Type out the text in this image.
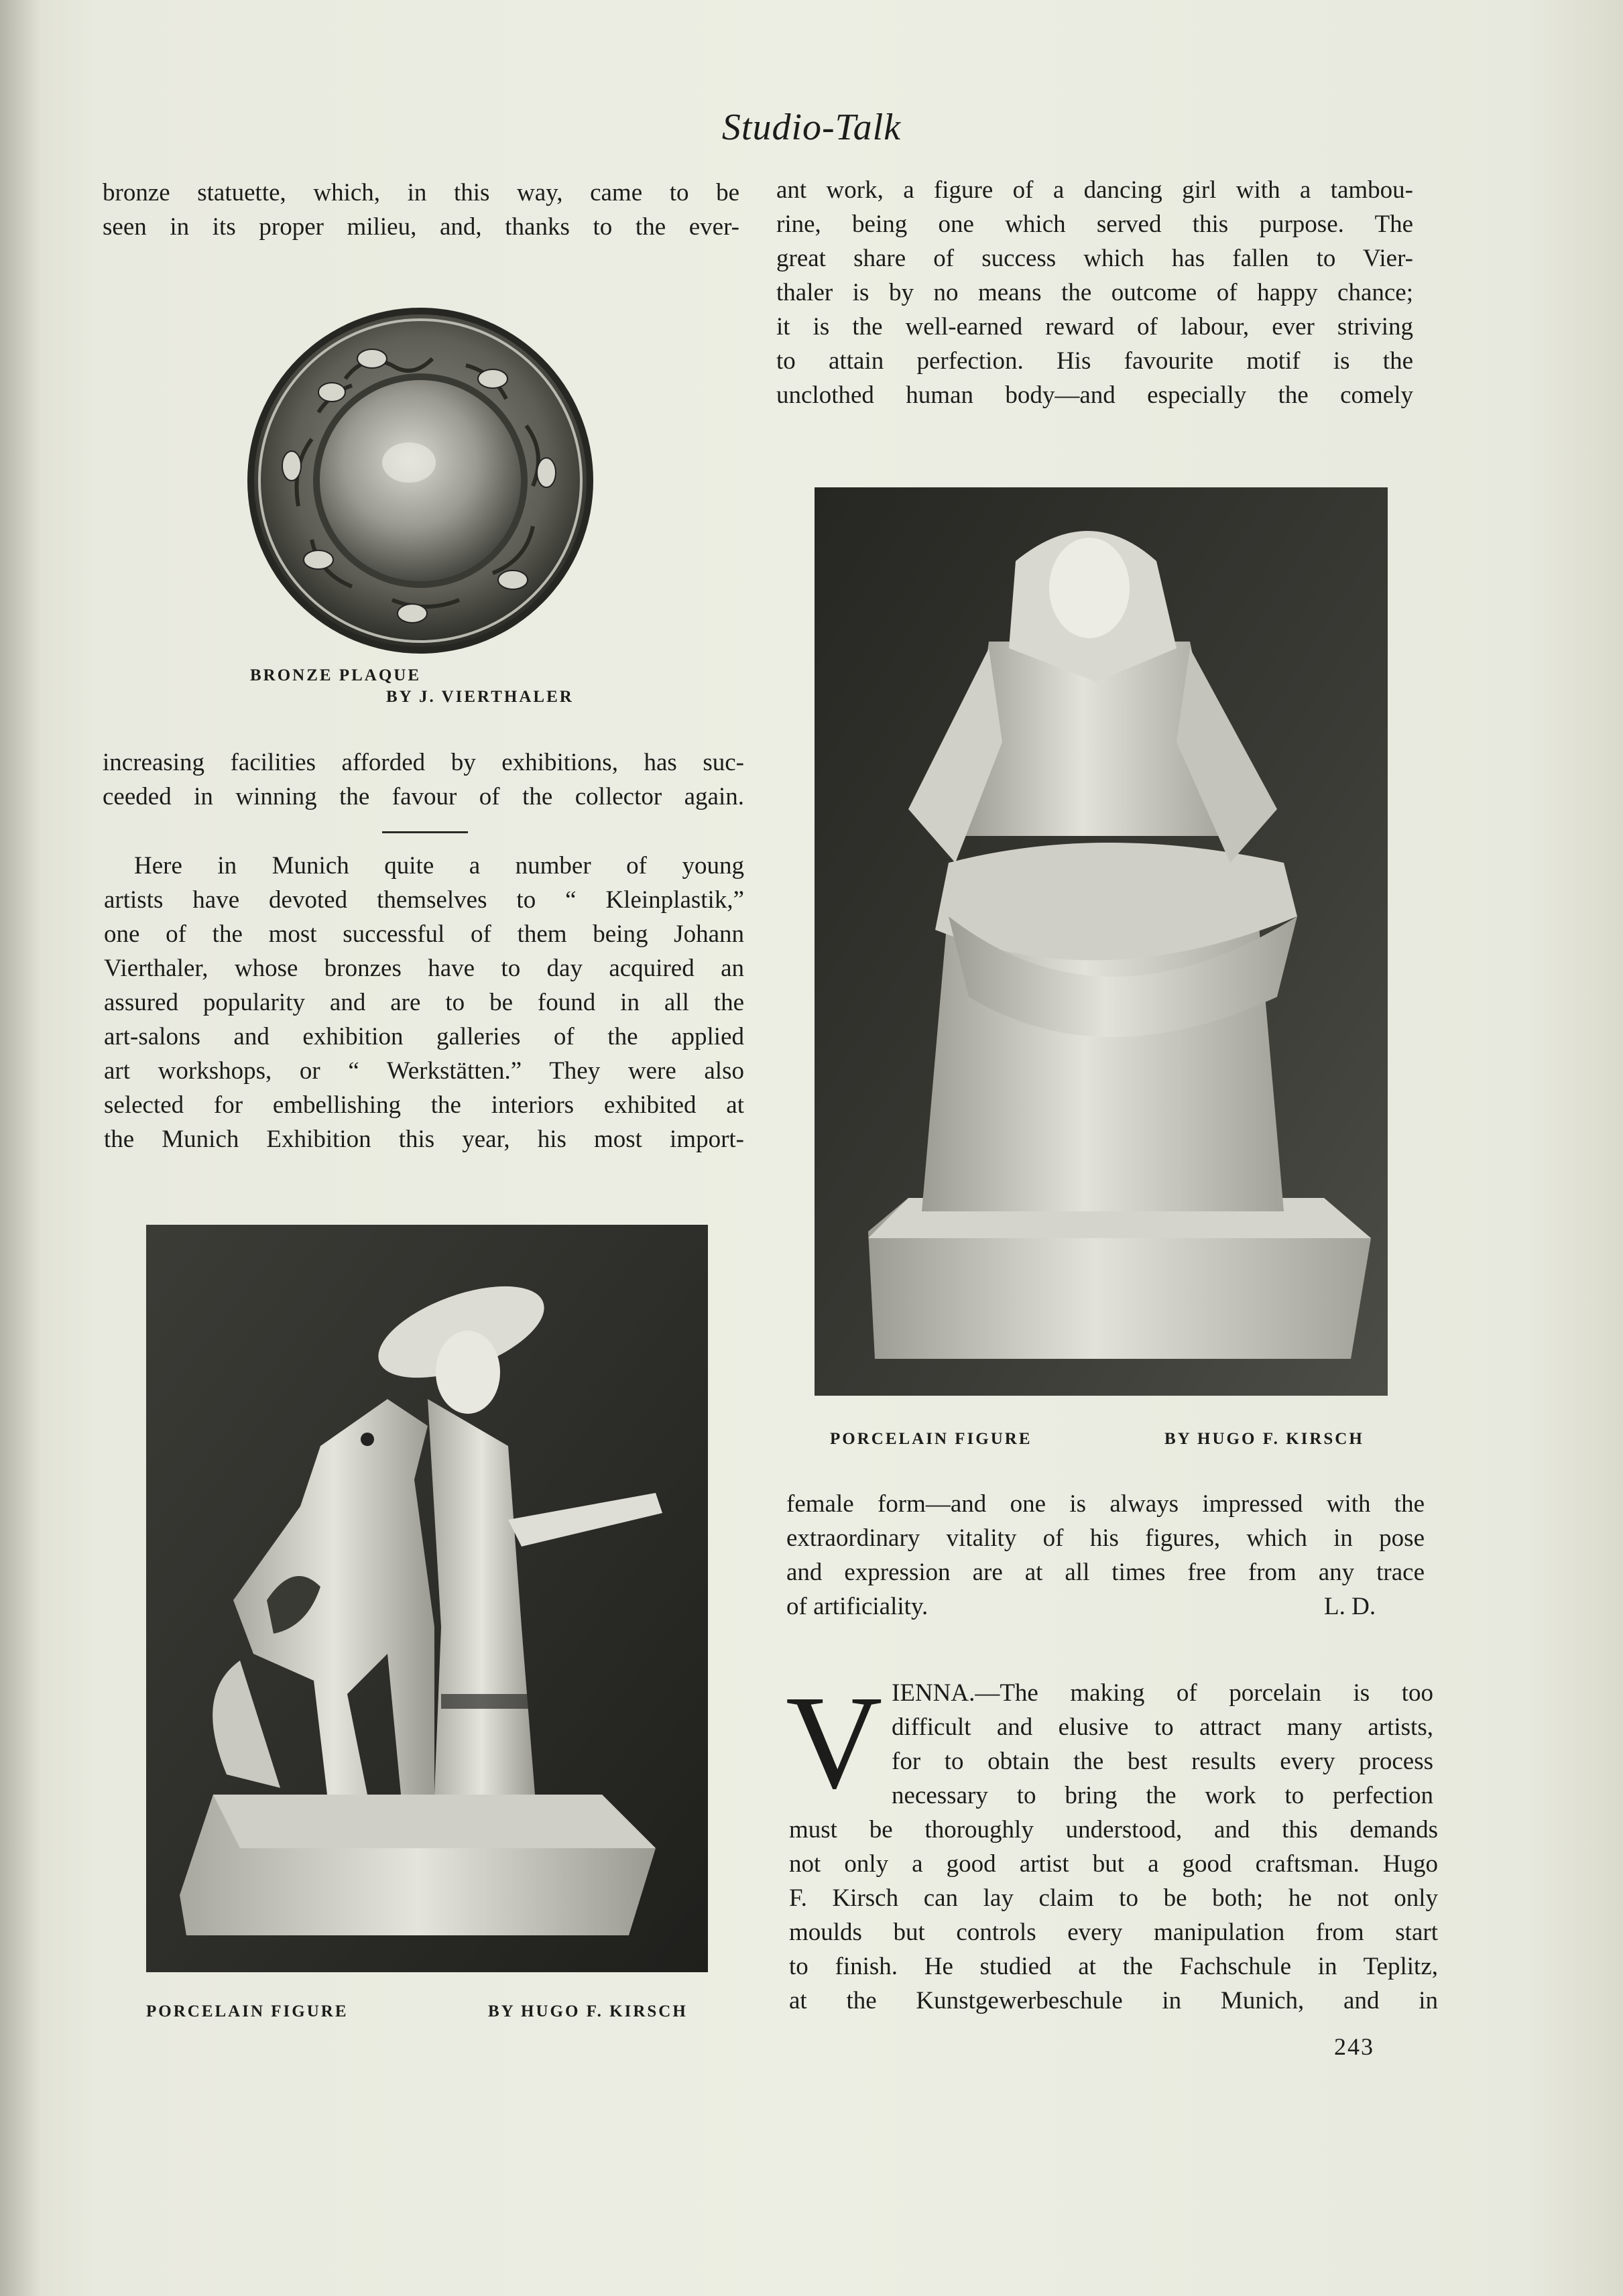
Studio-Talk

bronze statuette, which, in this way, came to be
seen in its proper milieu, and, thanks to the ever-

BRONZE PLAQUE

BY J. VIERTHALER

increasing facilities afforded by exhibitions, has suc-
ceeded in winning the favour of the collector again.

Here in Munich quite a number of young
artists have devoted themselves to “ Kleinplastik,”
one of the most successful of them being Johann
Vierthaler, whose bronzes have to day acquired an
assured popularity and are to be found in all the
art-salons and exhibition galleries of the applied
art workshops, or “ Werkstätten.” They were also
selected for embellishing the interiors exhibited at
the Munich Exhibition this year, his most import-

PORCELAIN FIGURE	BY HUGO F. KIRSCH

ant work, a figure of a dancing girl with a tambou-
rine, being one which served this purpose. The
great share of success which has fallen to Vier-
thaler is by no means the outcome of happy chance;
it is the well-earned reward of labour, ever striving
to attain perfection. His favourite motif is the
unclothed human body—and especially the comely

PORCELAIN FIGURE	BY HUGO F. KIRSCH

female form—and one is always impressed with the
extraordinary vitality of his figures, which in pose
and expression are at all times free from any trace
of artificiality.	L. D.

V IENNA.—The making of porcelain is too
difficult and elusive to attract many artists,
for to obtain the best results every process
necessary to bring the work to perfection

must be thoroughly understood, and this demands
not only a good artist but a good craftsman. Hugo
F. Kirsch can lay claim to be both; he not only
moulds but controls every manipulation from start
to finish. He studied at the Fachschule in Teplitz,
at the Kunstgewerbeschule in Munich, and in

243
